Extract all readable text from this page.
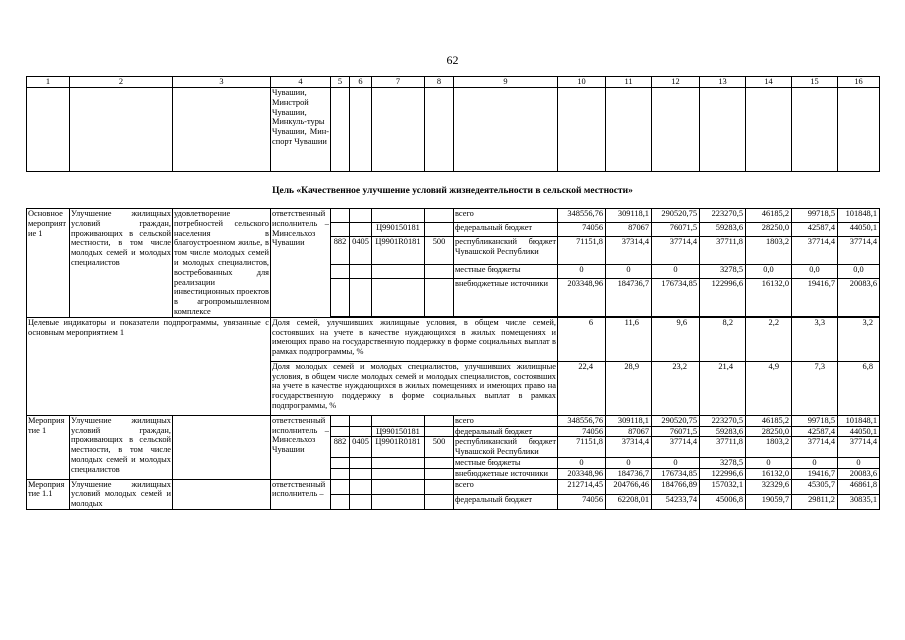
62
1	2	3	4	5	6	7	8	9	10	11	12	13	14	15	16
			Чувашии, Минстрой Чувашии, Минкуль-туры Чувашии, Мин-спорт Чувашии												
Цель «Качественное улучшение условий жизнедеятельности в сельской местности»
Основное мероприятие 1	Улучшение жилищных условий граждан, проживающих в сельской местности, в том числе молодых семей и молодых специалистов	удовлетворение потребностей сельского населения в благоустроенном жилье, в том числе молодых семей и молодых специалистов, востребованных для реализации инвестиционных проектов в агропромышленном комплексе	ответственный исполнитель – Минсельхоз Чувашии					всего	348556,76	309118,1	290520,75	223270,5	46185,2	99718,5	101848,1
						Ц990150181		федеральный бюджет	74056	87067	76071,5	59283,6	28250,0	42587,4	44050,1
				882	0405	Ц9901R0181	500	республиканский бюджет Чувашской Республики	71151,8	37314,4	37714,4	37711,8	1803,2	37714,4	37714,4
								местные бюджеты	0	0	0	3278,5	0,0	0,0	0,0
								внебюджетные источники	203348,96	184736,7	176734,85	122996,6	16132,0	19416,7	20083,6

Целевые индикаторы и показатели подпрограммы, увязанные с основным мероприятием 1			Доля семей, улучшивших жилищные условия, в общем числе семей, состоявших на учете в качестве нуждающихся в жилых помещениях и имеющих право на государственную поддержку в форме социальных выплат в рамках подпрограммы, %						6	11,6	9,6	8,2	2,2	3,3	3,2
			Доля молодых семей и молодых специалистов, улучшивших жилищные условия, в общем числе молодых семей и молодых специалистов, состоявших на учете в качестве нуждающихся в жилых помещениях и имеющих право на государственную поддержку в форме социальных выплат в рамках подпрограммы, %						22,4	28,9	23,2	21,4	4,9	7,3	6,8
Мероприятие 1	Улучшение жилищных условий граждан, проживающих в сельской местности, в том числе молодых семей и молодых специалистов		ответственный исполнитель – Минсельхоз Чувашии					всего	348556,76	309118,1	290520,75	223270,5	46185,2	99718,5	101848,1
						Ц990150181		федеральный бюджет	74056	87067	76071,5	59283,6	28250,0	42587,4	44050,1
				882	0405	Ц9901R0181	500	республиканский бюджет Чувашской Республики	71151,8	37314,4	37714,4	37711,8	1803,2	37714,4	37714,4
								местные бюджеты	0	0	0	3278,5	0	0	0
								внебюджетные источники	203348,96	184736,7	176734,85	122996,6	16132,0	19416,7	20083,6
Мероприятие 1.1	Улучшение жилищных условий молодых семей и молодых		ответственный исполнитель –					всего	212714,45	204766,46	184766,89	157032,1	32329,6	45305,7	46861,8
								федеральный бюджет	74056	62208,01	54233,74	45006,8	19059,7	29811,2	30835,1
